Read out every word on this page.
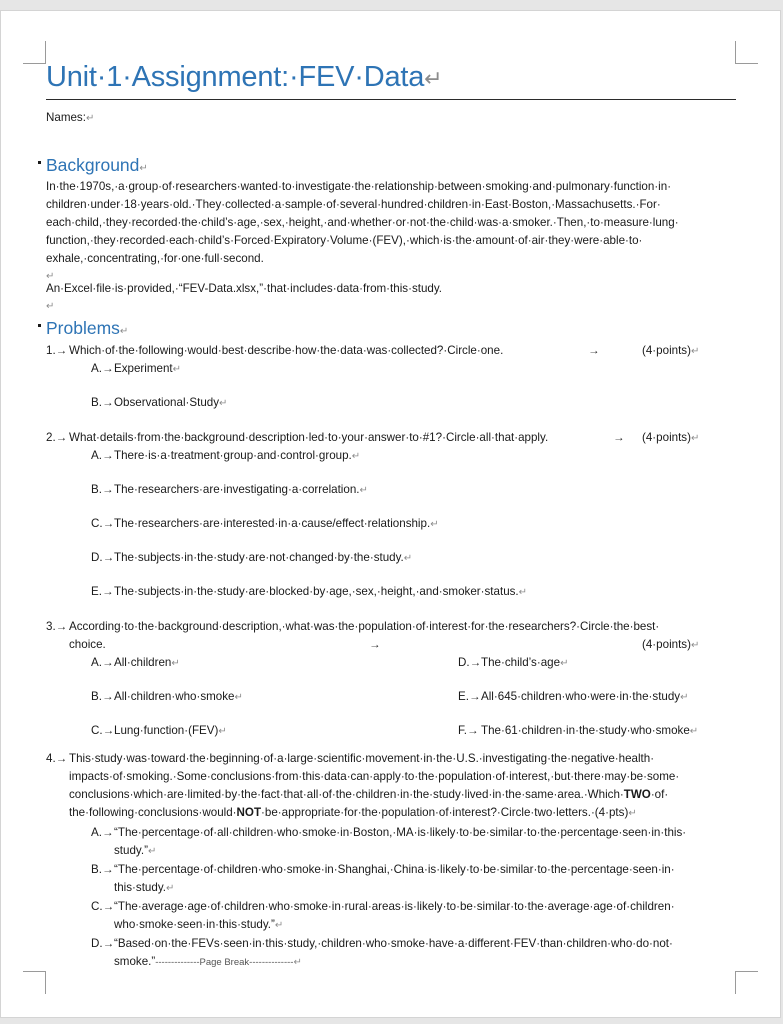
Unit·1·Assignment:·FEV·Data↵
Names:↵
Background↵
In·the·1970s,·a·group·of·researchers·wanted·to·investigate·the·relationship·between·smoking·and·pulmonary·function·in·
children·under·18·years·old.·They·collected·a·sample·of·several·hundred·children·in·East·Boston,·Massachusetts.·For·
each·child,·they·recorded·the·child’s·age,·sex,·height,·and·whether·or·not·the·child·was·a·smoker.·Then,·to·measure·lung·
function,·they·recorded·each·child’s·Forced·Expiratory·Volume·(FEV),·which·is·the·amount·of·air·they·were·able·to·
exhale,·concentrating,·for·one·full·second.
↵
An·Excel·file·is·provided,·“FEV-Data.xlsx,”·that·includes·data·from·this·study.
↵
Problems↵
1.→ Which·of·the·following·would·best·describe·how·the·data·was·collected?·Circle·one.	→	(4·points)↵
A.→ Experiment↵
B.→ Observational·Study↵
2.→ What·details·from·the·background·description·led·to·your·answer·to·#1?·Circle·all·that·apply.	→ (4·points)↵
A.→ There·is·a·treatment·group·and·control·group.↵
B.→ The·researchers·are·investigating·a·correlation.↵
C.→ The·researchers·are·interested·in·a·cause/effect·relationship.↵
D.→ The·subjects·in·the·study·are·not·changed·by·the·study.↵
E.→ The·subjects·in·the·study·are·blocked·by·age,·sex,·height,·and·smoker·status.↵
3.→ According·to·the·background·description,·what·was·the·population·of·interest·for·the·researchers?·Circle·the·best·
choice.	→	(4·points)↵
A.→ All·children↵
B.→ All·children·who·smoke↵
C.→ Lung·function·(FEV)↵
D.→ The·child’s·age↵
E.→ All·645·children·who·were·in·the·study↵
F.→ The·61·children·in·the·study·who·smoke↵
4.→ This·study·was·toward·the·beginning·of·a·large·scientific·movement·in·the·U.S.·investigating·the·negative·health·
impacts·of·smoking.·Some·conclusions·from·this·data·can·apply·to·the·population·of·interest,·but·there·may·be·some·
conclusions·which·are·limited·by·the·fact·that·all·of·the·children·in·the·study·lived·in·the·same·area.·Which·TWO·of·
the·following·conclusions·would·NOT·be·appropriate·for·the·population·of·interest?·Circle·two·letters.·(4·pts)↵
A.→ “The·percentage·of·all·children·who·smoke·in·Boston,·MA·is·likely·to·be·similar·to·the·percentage·seen·in·this·
study.”↵
B.→ “The·percentage·of·children·who·smoke·in·Shanghai,·China·is·likely·to·be·similar·to·the·percentage·seen·in·
this·study.↵
C.→ “The·average·age·of·children·who·smoke·in·rural·areas·is·likely·to·be·similar·to·the·average·age·of·children·
who·smoke·seen·in·this·study.”↵
D.→ “Based·on·the·FEVs·seen·in·this·study,·children·who·smoke·have·a·different·FEV·than·children·who·do·not·
smoke.”--------------Page Break--------------↵
